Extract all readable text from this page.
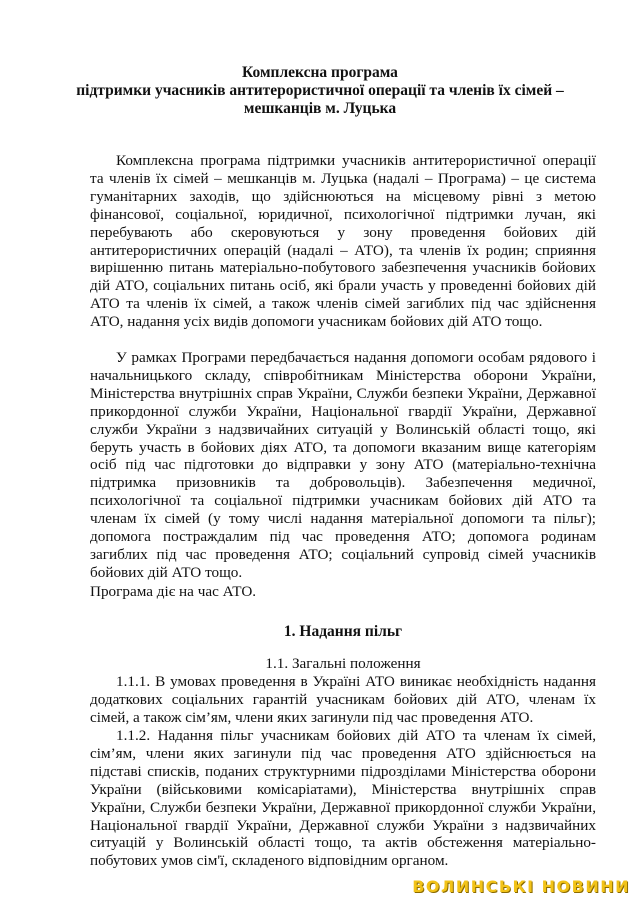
Комплексна програма
підтримки учасників антитерористичної операції та членів їх сімей –
мешканців м. Луцька
Комплексна програма підтримки учасників антитерористичної операції та членів їх сімей – мешканців м. Луцька (надалі – Програма) – це система гуманітарних заходів, що здійснюються на місцевому рівні з метою фінансової, соціальної, юридичної, психологічної підтримки лучан, які перебувають або скеровуються у зону проведення бойових дій антитерористичних операцій (надалі – АТО), та членів їх родин; сприяння вирішенню питань матеріально-побутового забезпечення учасників бойових дій АТО, соціальних питань осіб, які брали участь у проведенні бойових дій АТО та членів їх сімей, а також членів сімей загиблих під час здійснення АТО, надання усіх видів допомоги учасникам бойових дій АТО тощо.
У рамках Програми передбачається надання допомоги особам рядового і начальницького складу, співробітникам Міністерства оборони України, Міністерства внутрішніх справ України, Служби безпеки України, Державної прикордонної служби України, Національної гвардії України, Державної служби України з надзвичайних ситуацій у Волинській області тощо, які беруть участь в бойових діях АТО, та допомоги вказаним вище категоріям осіб під час підготовки до відправки у зону АТО (матеріально-технічна підтримка призовників та добровольців). Забезпечення медичної, психологічної та соціальної підтримки учасникам бойових дій АТО та членам їх сімей (у тому числі надання матеріальної допомоги та пільг); допомога постраждалим під час проведення АТО; допомога родинам загиблих під час проведення АТО; соціальний супровід сімей учасників бойових дій АТО тощо.
Програма діє на час АТО.
1. Надання пільг
1.1. Загальні положення
1.1.1. В умовах проведення в Україні АТО виникає необхідність надання додаткових соціальних гарантій учасникам бойових дій АТО, членам їх сімей, а також сім’ям, члени яких загинули під час проведення АТО.
1.1.2. Надання пільг учасникам бойових дій АТО та членам їх сімей, сім’ям, члени яких загинули під час проведення АТО здійснюється на підставі списків, поданих структурними підрозділами Міністерства оборони України (військовими комісаріатами), Міністерства внутрішніх справ України, Служби безпеки України, Державної прикордонної служби України, Національної гвардії України, Державної служби України з надзвичайних ситуацій у Волинській області тощо, та актів обстеження матеріально-побутових умов сім'ї, складеного відповідним органом.
ВОЛИНСЬКІ НОВИНИ
